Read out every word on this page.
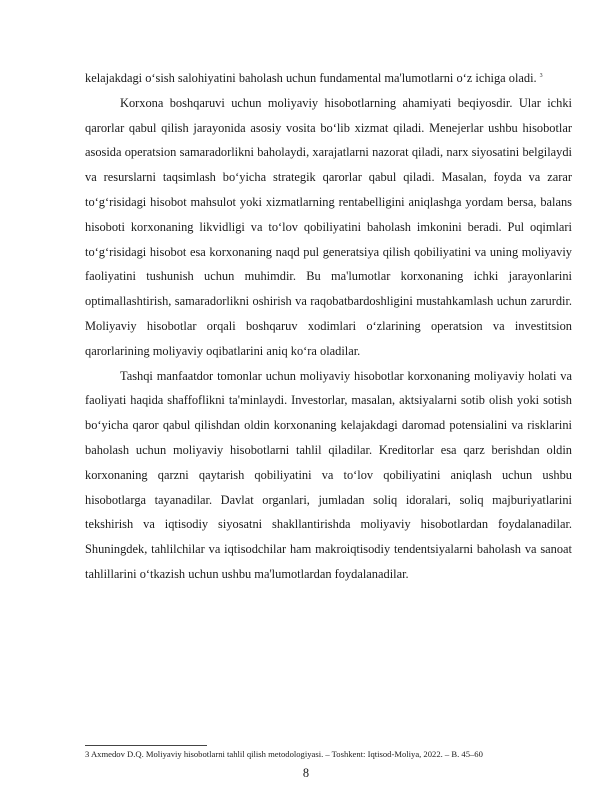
kelajakdagi oʻsish salohiyatini baholash uchun fundamental ma'lumotlarni oʻz ichiga oladi. $^3$

Korxona boshqaruvi uchun moliyaviy hisobotlarning ahamiyati beqiyosdir. Ular ichki qarorlar qabul qilish jarayonida asosiy vosita boʻlib xizmat qiladi. Menejerlar ushbu hisobotlar asosida operatsion samaradorlikni baholaydi, xarajatlarni nazorat qiladi, narx siyosatini belgilaydi va resurslarni taqsimlash boʻyicha strategik qarorlar qabul qiladi. Masalan, foyda va zarar toʻgʻrisidagi hisobot mahsulot yoki xizmatlarning rentabelligini aniqlashga yordam bersa, balans hisoboti korxonaning likvidligi va toʻlov qobiliyatini baholash imkonini beradi. Pul oqimlari toʻgʻrisidagi hisobot esa korxonaning naqd pul generatsiya qilish qobiliyatini va uning moliyaviy faoliyatini tushunish uchun muhimdir. Bu ma'lumotlar korxonaning ichki jarayonlarini optimallashtirish, samaradorlikni oshirish va raqobatbardoshligini mustahkamlash uchun zarurdir. Moliyaviy hisobotlar orqali boshqaruv xodimlari oʻzlarining operatsion va investitsion qarorlarining moliyaviy oqibatlarini aniq koʻra oladilar.

Tashqi manfaatdor tomonlar uchun moliyaviy hisobotlar korxonaning moliyaviy holati va faoliyati haqida shaffoflikni ta'minlaydi. Investorlar, masalan, aktsiyalarni sotib olish yoki sotish boʻyicha qaror qabul qilishdan oldin korxonaning kelajakdagi daromad potensialini va risklarini baholash uchun moliyaviy hisobotlarni tahlil qiladilar. Kreditorlar esa qarz berishdan oldin korxonaning qarzni qaytarish qobiliyatini va toʻlov qobiliyatini aniqlash uchun ushbu hisobotlarga tayanadilar. Davlat organlari, jumladan soliq idoralari, soliq majburiyatlarini tekshirish va iqtisodiy siyosatni shakllantirishda moliyaviy hisobotlardan foydalanadilar. Shuningdek, tahlilchilar va iqtisodchilar ham makroiqtisodiy tendentsiyalarni baholash va sanoat tahlillarini oʻtkazish uchun ushbu ma'lumotlardan foydalanadilar.

3 Axmedov D.Q. Moliyaviy hisobotlarni tahlil qilish metodologiyasi. – Toshkent: Iqtisod-Moliya, 2022. – B. 45–60

8
